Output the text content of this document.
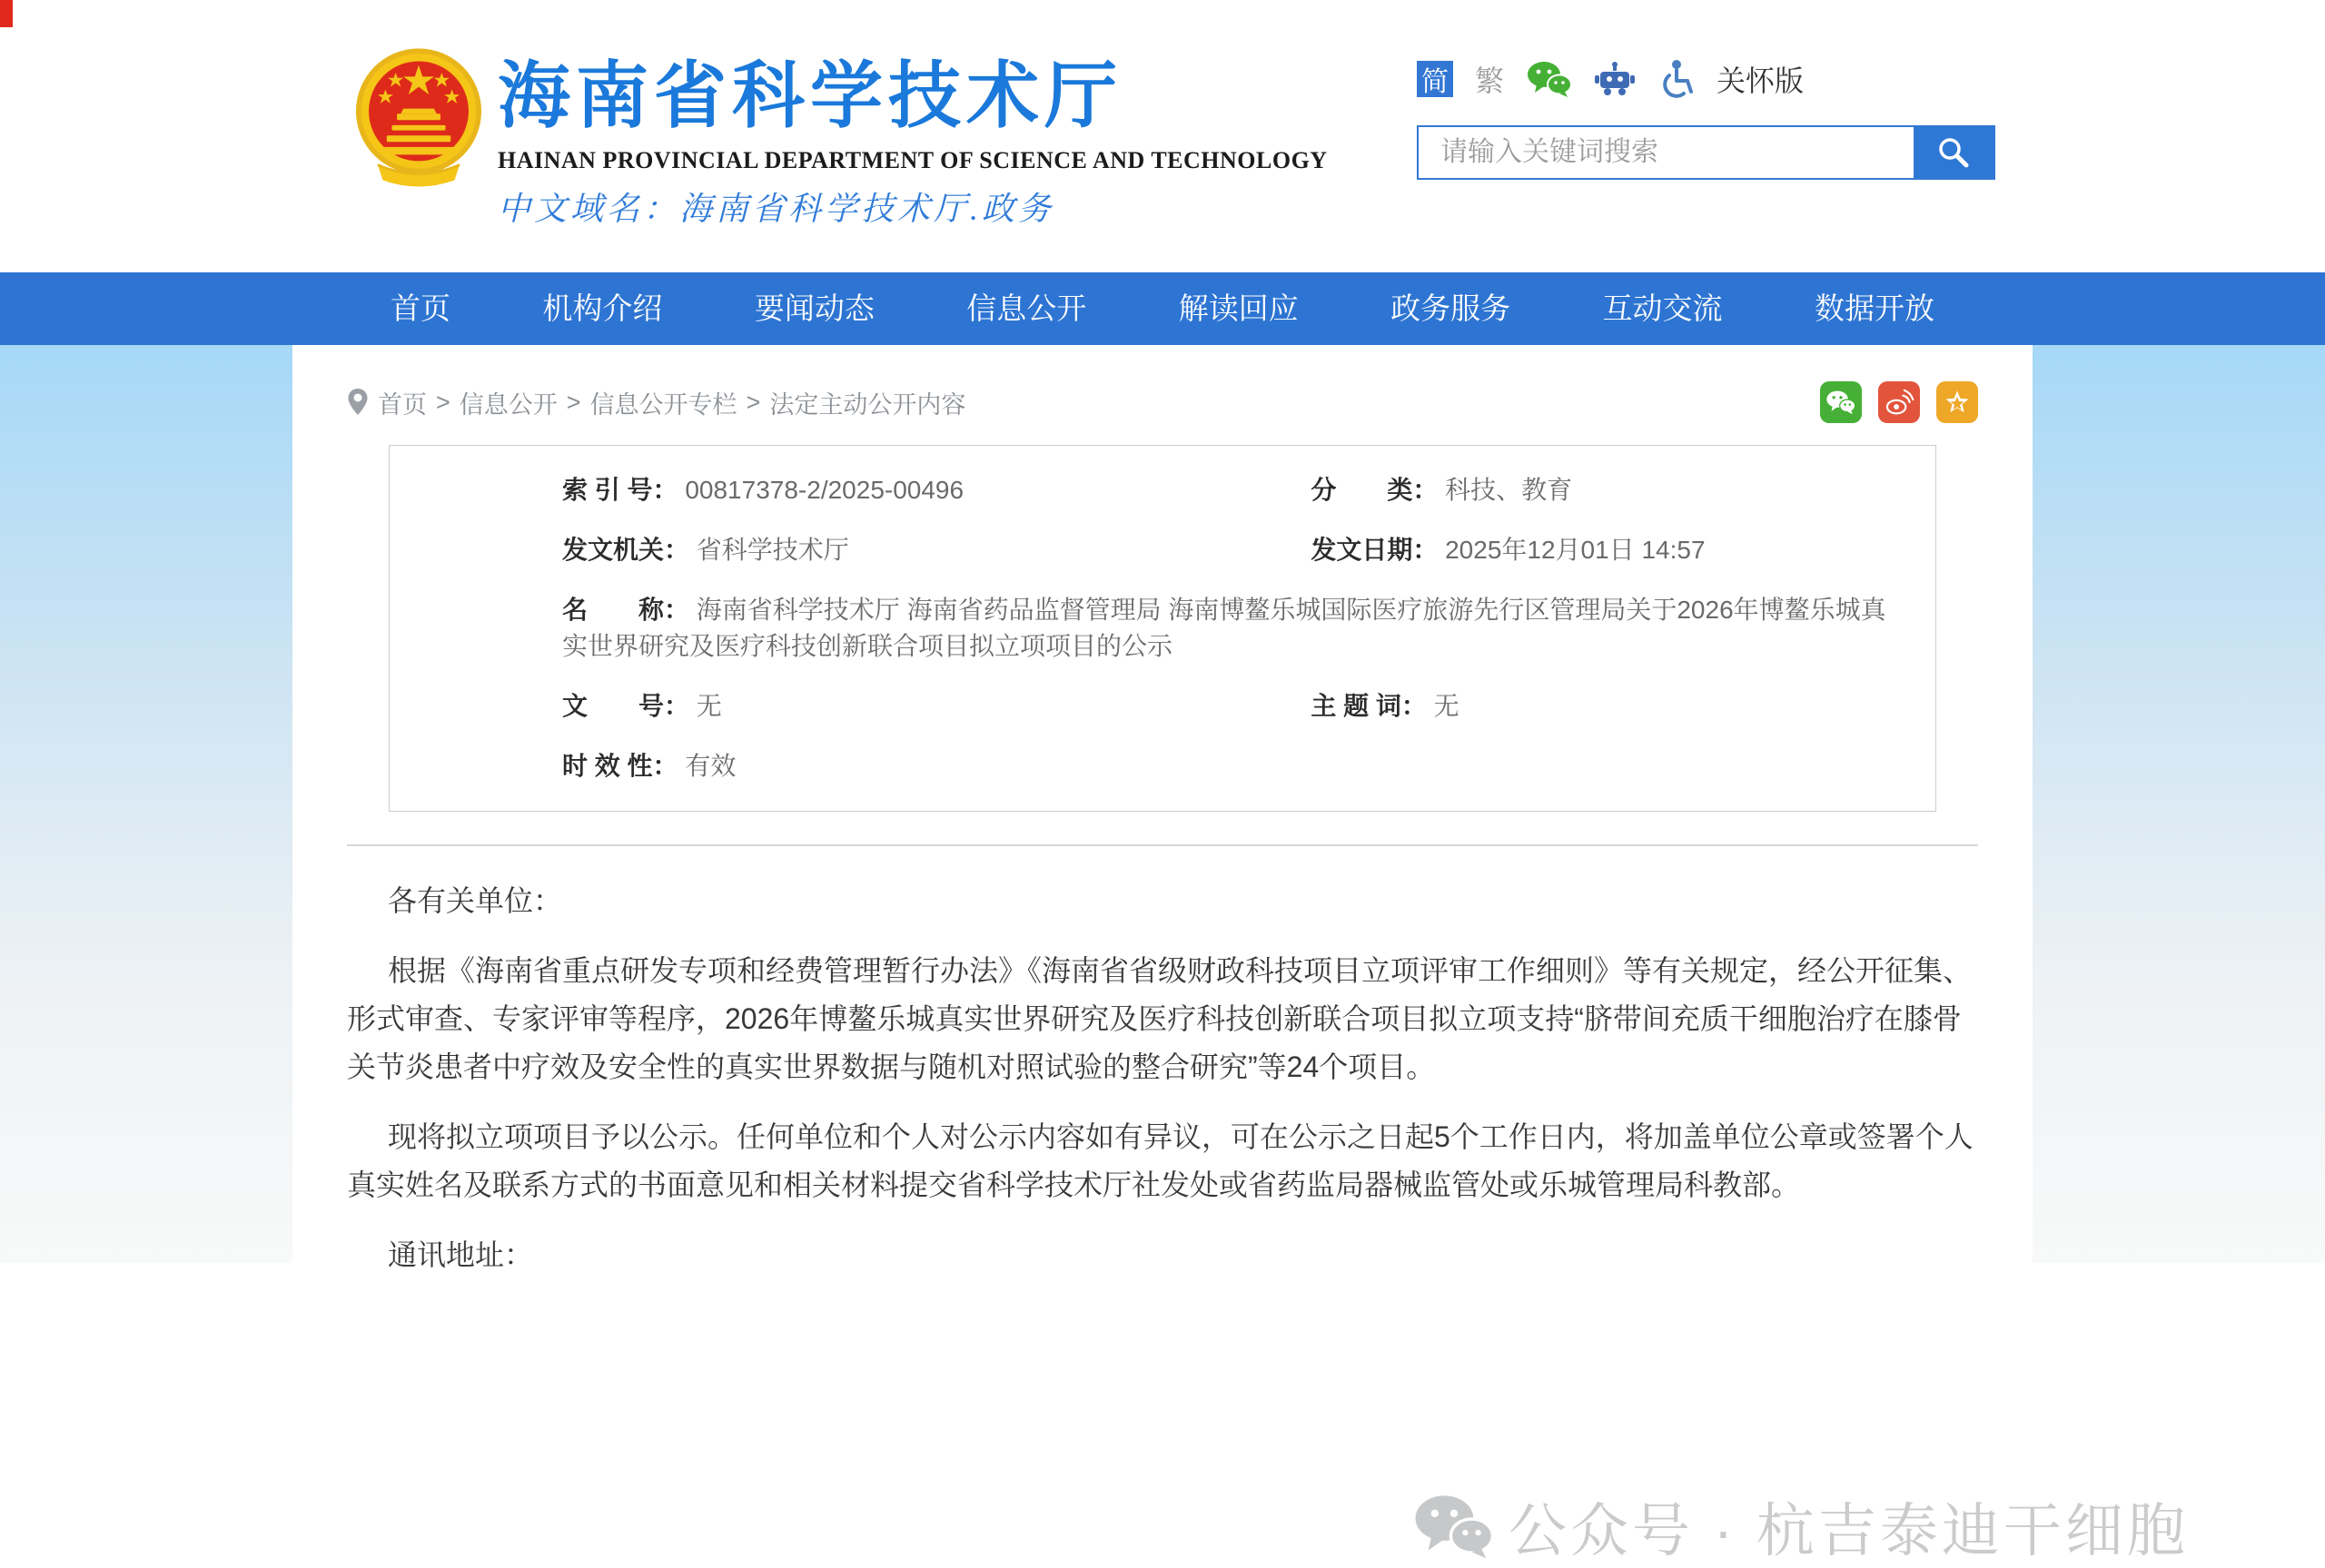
海南省科学技术厅
HAINAN PROVINCIAL DEPARTMENT OF SCIENCE AND TECHNOLOGY
中文域名：海南省科学技术厅.政务
简 繁	关怀版
请输入关键词搜索
首页	机构介绍	要闻动态	信息公开	解读回应	政务服务	互动交流	数据开放
首页 > 信息公开 > 信息公开专栏 > 法定主动公开内容
索 引 号： 00817378-2/2025-00496	分　　类： 科技、教育
发文机关： 省科学技术厅	发文日期： 2025年12月01日 14:57
名　　称： 海南省科学技术厅 海南省药品监督管理局 海南博鳌乐城国际医疗旅游先行区管理局关于2026年博鳌乐城真实世界研究及医疗科技创新联合项目拟立项项目的公示
文　　号： 无	主 题 词： 无
时 效 性： 有效

各有关单位：

根据《海南省重点研发专项和经费管理暂行办法》《海南省省级财政科技项目立项评审工作细则》等有关规定，经公开征集、形式审查、专家评审等程序，2026年博鳌乐城真实世界研究及医疗科技创新联合项目拟立项支持“脐带间充质干细胞治疗在膝骨关节炎患者中疗效及安全性的真实世界数据与随机对照试验的整合研究”等24个项目。

现将拟立项项目予以公示。任何单位和个人对公示内容如有异议，可在公示之日起5个工作日内，将加盖单位公章或签署个人真实姓名及联系方式的书面意见和相关材料提交省科学技术厅社发处或省药监局器械监管处或乐城管理局科教部。

通讯地址：

公众号 · 杭吉泰迪干细胞
